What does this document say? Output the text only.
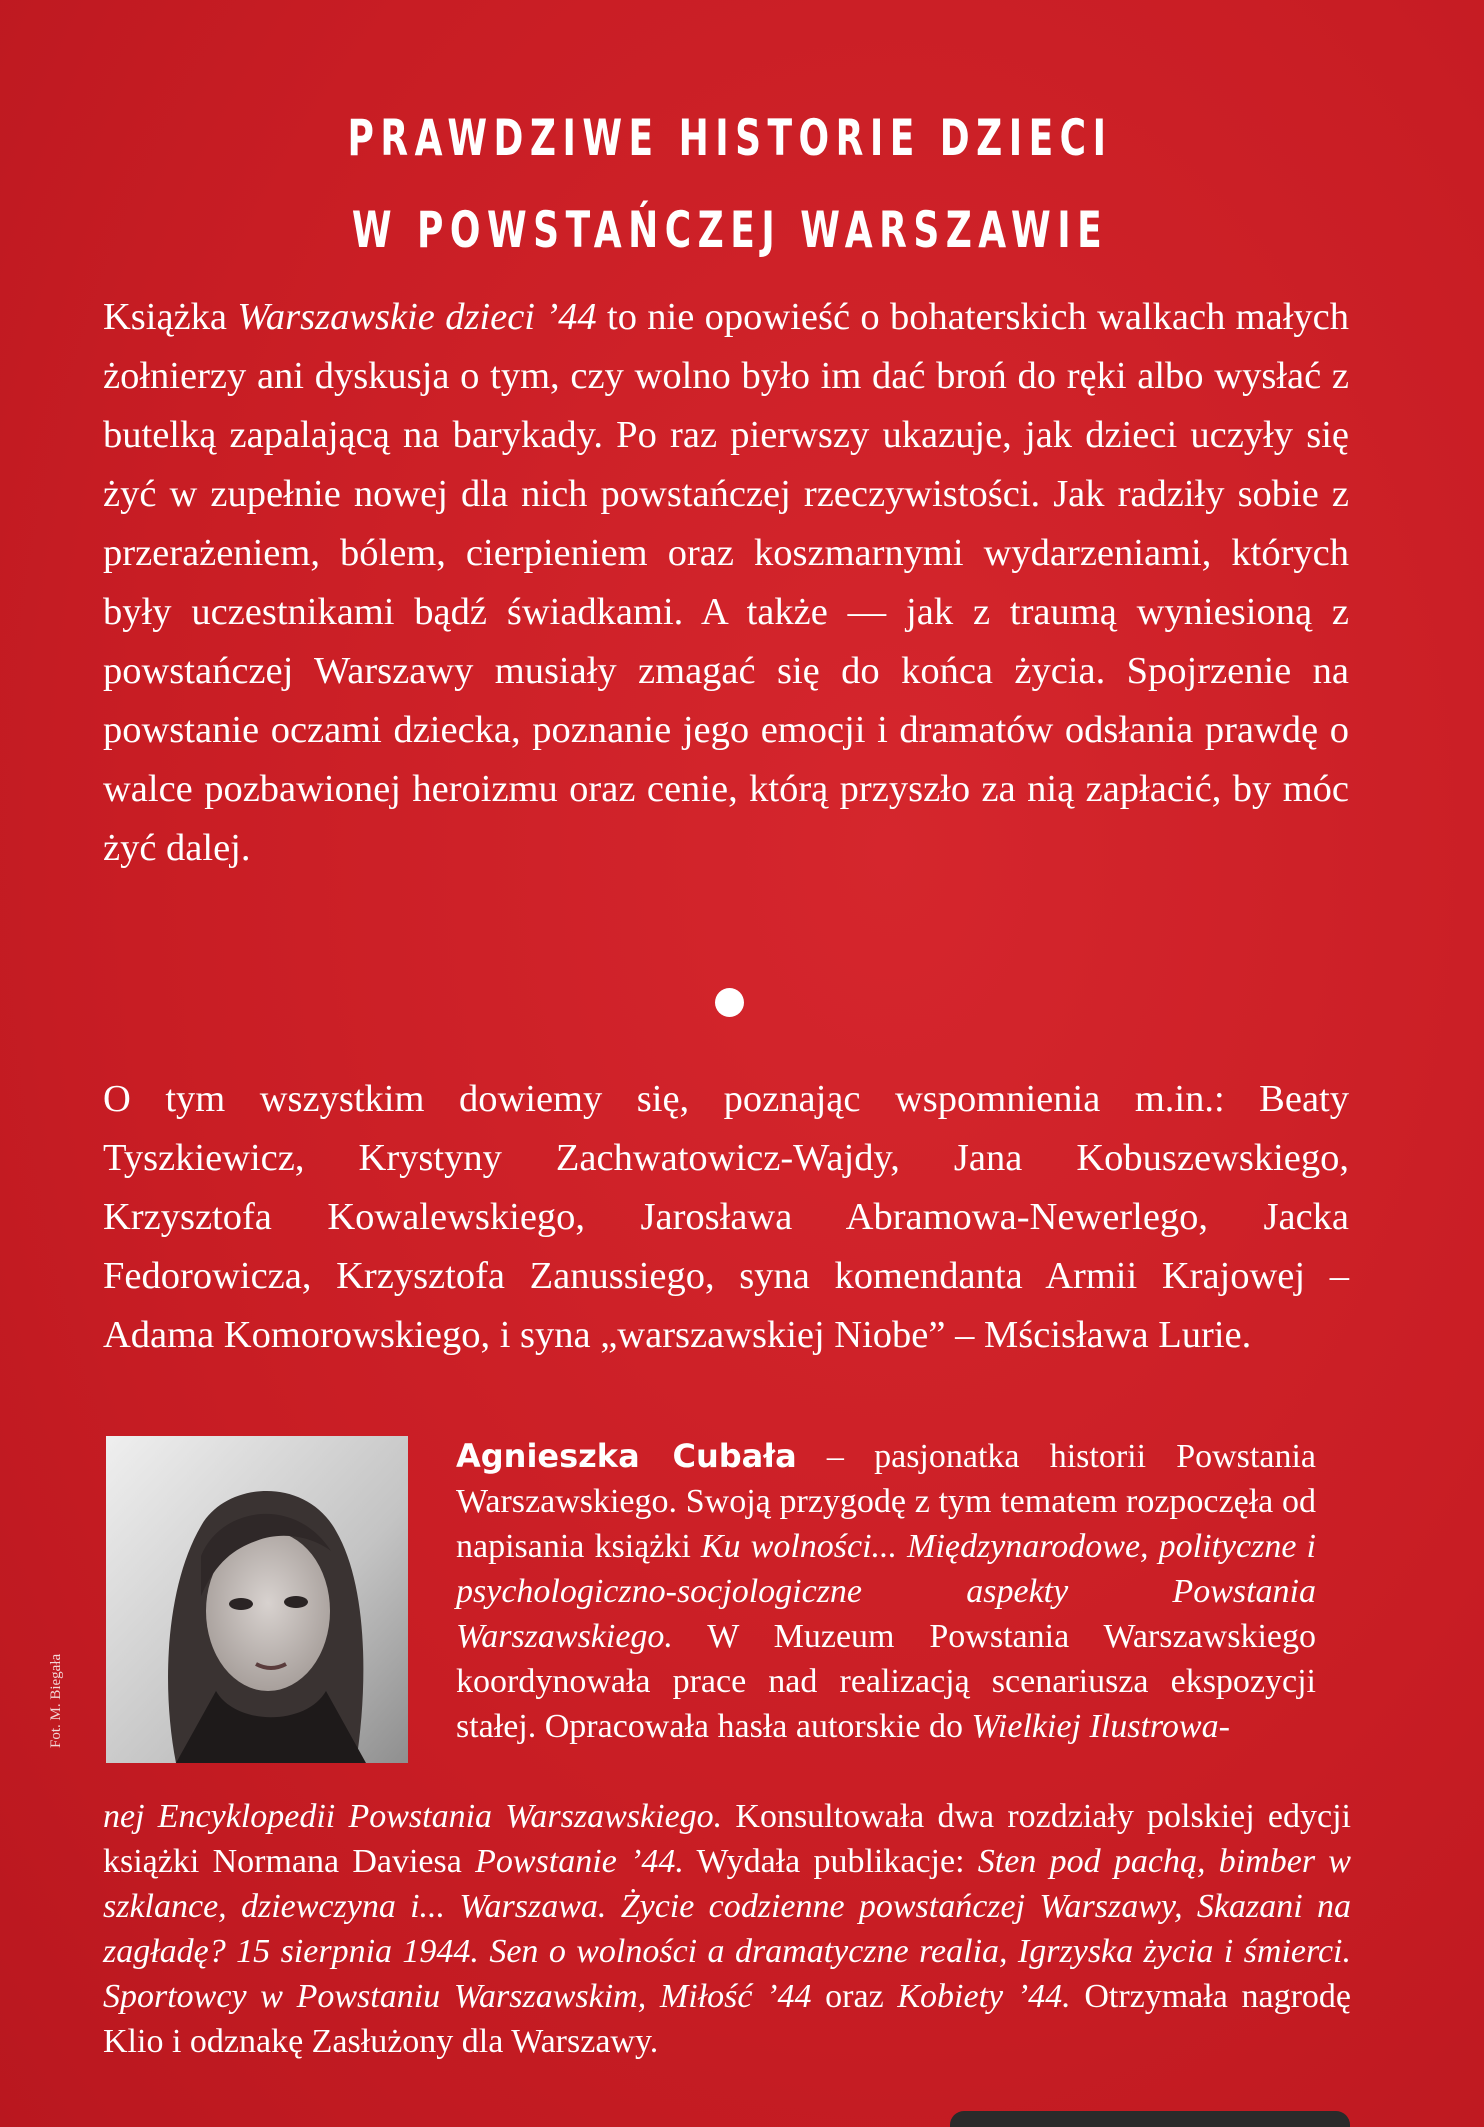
PRAWDZIWE HISTORIE DZIECI
W POWSTAŃCZEJ WARSZAWIE

Książka Warszawskie dzieci ’44 to nie opowieść o bohaterskich walkach małych żołnierzy ani dyskusja o tym, czy wolno było im dać broń do ręki albo wysłać z butelką zapalającą na barykady. Po raz pierwszy ukazuje, jak dzieci uczyły się żyć w zupełnie nowej dla nich powstańczej rzeczywistości. Jak radziły sobie z przerażeniem, bólem, cierpieniem oraz koszmarnymi wydarzeniami, których były uczestnikami bądź świadkami. A także — jak z traumą wyniesioną z powstańczej Warszawy musiały zmagać się do końca życia. Spojrzenie na powstanie oczami dziecka, poznanie jego emocji i dramatów odsłania prawdę o walce pozbawionej heroizmu oraz cenie, którą przyszło za nią zapłacić, by móc żyć dalej.

O tym wszystkim dowiemy się, poznając wspomnienia m.in.: Beaty Tyszkiewicz, Krystyny Zachwatowicz-Wajdy, Jana Kobuszewskiego, Krzysztofa Kowalewskiego, Jarosława Abramowa-Newerlego, Jacka Fedorowicza, Krzysztofa Zanussiego, syna komendanta Armii Krajowej – Adama Komorowskiego, i syna „warszawskiej Niobe” – Mścisława Lurie.

Fot. M. Biegała

Agnieszka Cubała – pasjonatka historii Powstania Warszawskiego. Swoją przygodę z tym tematem rozpoczęła od napisania książki Ku wolności... Międzynarodowe, polityczne i psychologiczno-socjologiczne aspekty Powstania Warszawskiego. W Muzeum Powstania Warszawskiego koordynowała prace nad realizacją scenariusza ekspozycji stałej. Opracowała hasła autorskie do Wielkiej Ilustrowa-

nej Encyklopedii Powstania Warszawskiego. Konsultowała dwa rozdziały polskiej edycji książki Normana Daviesa Powstanie ’44. Wydała publikacje: Sten pod pachą, bimber w szklance, dziewczyna i... Warszawa. Życie codzienne powstańczej Warszawy, Skazani na zagładę? 15 sierpnia 1944. Sen o wolności a dramatyczne realia, Igrzyska życia i śmierci. Sportowcy w Powstaniu Warszawskim, Miłość ’44 oraz Kobiety ’44. Otrzymała nagrodę Klio i odznakę Zasłużony dla Warszawy.
